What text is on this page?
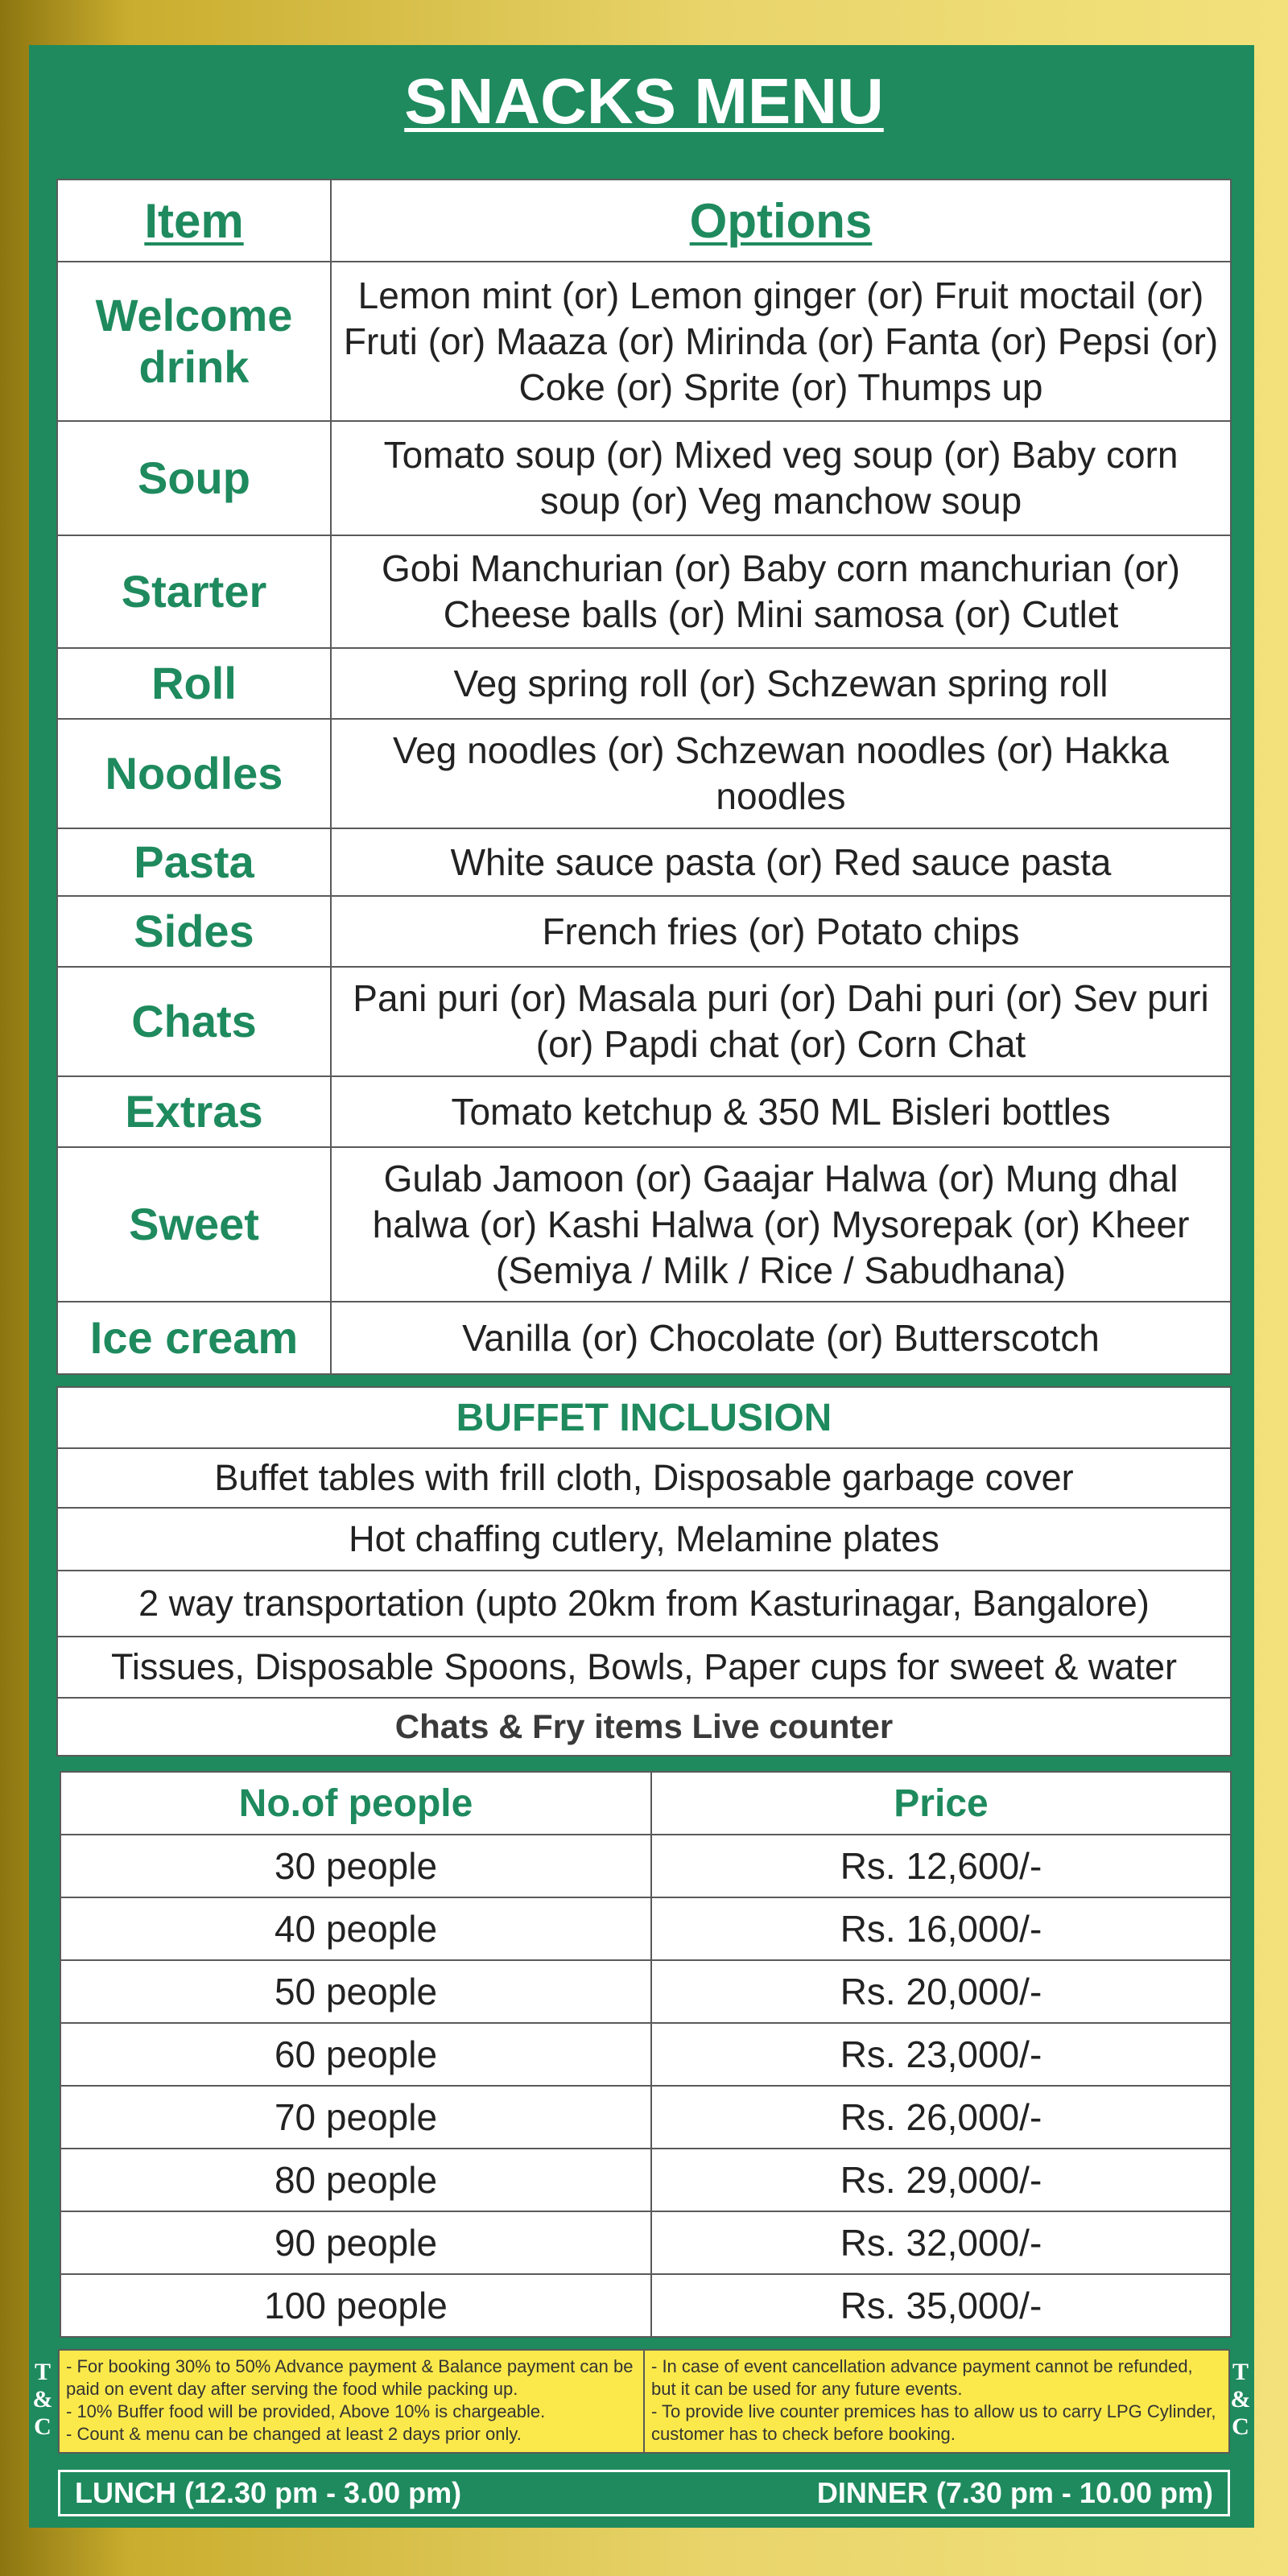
SNACKS MENU
Item	Options
Welcome drink	Lemon mint (or) Lemon ginger (or) Fruit moctail (or) Fruti (or) Maaza (or) Mirinda (or) Fanta (or) Pepsi (or) Coke (or) Sprite (or) Thumps up
Soup	Tomato soup (or) Mixed veg soup (or) Baby corn soup (or) Veg manchow soup
Starter	Gobi Manchurian (or) Baby corn manchurian (or) Cheese balls (or) Mini samosa (or) Cutlet
Roll	Veg spring roll (or) Schzewan spring roll
Noodles	Veg noodles (or) Schzewan noodles (or) Hakka noodles
Pasta	White sauce pasta (or) Red sauce pasta
Sides	French fries (or) Potato chips
Chats	Pani puri (or) Masala puri (or) Dahi puri (or) Sev puri (or) Papdi chat (or) Corn Chat
Extras	Tomato ketchup & 350 ML Bisleri bottles
Sweet	Gulab Jamoon (or) Gaajar Halwa (or) Mung dhal halwa (or) Kashi Halwa (or) Mysorepak (or) Kheer (Semiya / Milk / Rice / Sabudhana)
Ice cream	Vanilla (or) Chocolate (or) Butterscotch
BUFFET INCLUSION
Buffet tables with frill cloth, Disposable garbage cover
Hot chaffing cutlery, Melamine plates
2 way transportation (upto 20km from Kasturinagar, Bangalore)
Tissues, Disposable Spoons, Bowls, Paper cups for sweet & water
Chats & Fry items Live counter
No.of people	Price
30 people	Rs. 12,600/-
40 people	Rs. 16,000/-
50 people	Rs. 20,000/-
60 people	Rs. 23,000/-
70 people	Rs. 26,000/-
80 people	Rs. 29,000/-
90 people	Rs. 32,000/-
100 people	Rs. 35,000/-
T
&
C
T
&
C
- For booking 30% to 50% Advance payment & Balance payment can be paid on event day after serving the food while packing up.
- 10% Buffer food will be provided, Above 10% is chargeable.
- Count & menu can be changed at least 2 days prior only.
- In case of event cancellation advance payment cannot be refunded, but it can be used for any future events.
- To provide live counter premices has to allow us to carry LPG Cylinder, customer has to check before booking.
LUNCH (12.30 pm - 3.00 pm)	DINNER (7.30 pm - 10.00 pm)
